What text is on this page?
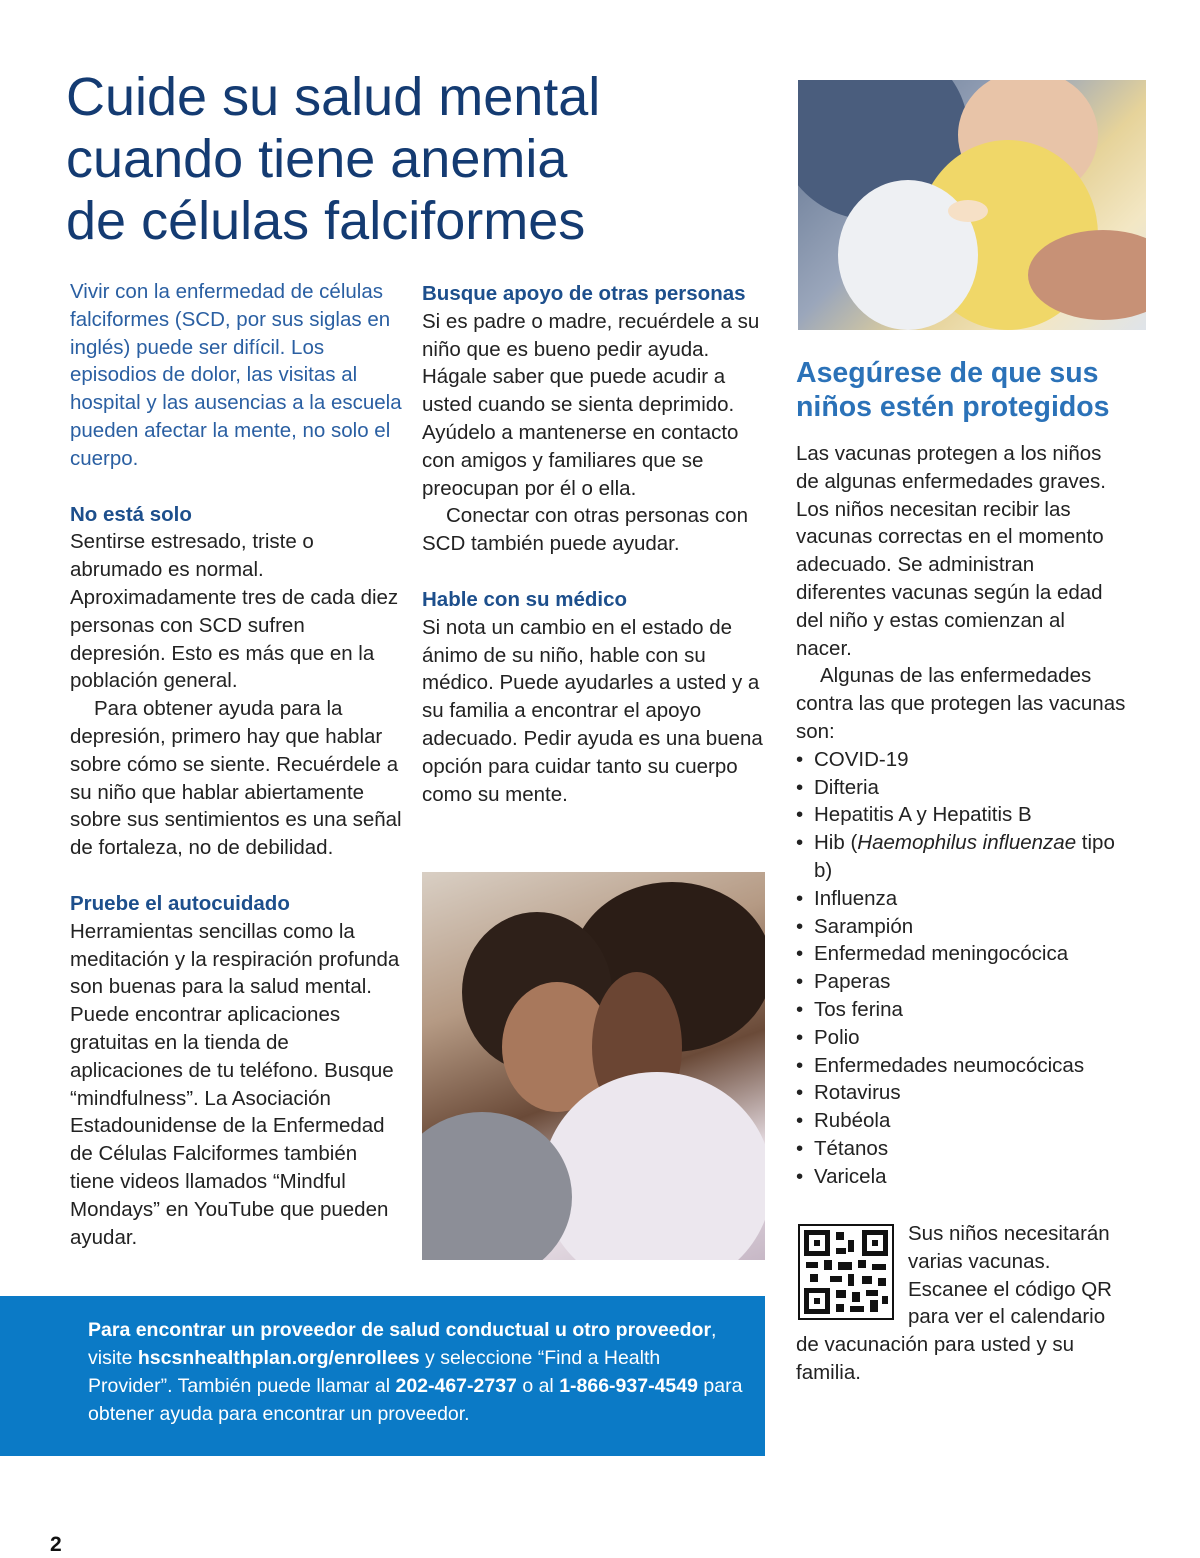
Cuide su salud mental
cuando tiene anemia
de células falciformes

Vivir con la enfermedad de células falciformes (SCD, por sus siglas en inglés) puede ser difícil. Los episodios de dolor, las visitas al hospital y las ausencias a la escuela pueden afectar la mente, no solo el cuerpo.

No está solo

Sentirse estresado, triste o abrumado es normal. Aproximadamente tres de cada diez personas con SCD sufren depresión. Esto es más que en la población general.

Para obtener ayuda para la depresión, primero hay que hablar sobre cómo se siente. Recuérdele a su niño que hablar abiertamente sobre sus sentimientos es una señal de fortaleza, no de debilidad.

Pruebe el autocuidado

Herramientas sencillas como la meditación y la respiración profunda son buenas para la salud mental. Puede encontrar aplicaciones gratuitas en la tienda de aplicaciones de tu teléfono. Busque “mindfulness”. La Asociación Estadounidense de la Enfermedad de Células Falciformes también tiene videos llamados “Mindful Mondays” en YouTube que pueden ayudar.

Busque apoyo de otras personas

Si es padre o madre, recuérdele a su niño que es bueno pedir ayuda. Hágale saber que puede acudir a usted cuando se sienta deprimido. Ayúdelo a mantenerse en contacto con amigos y familiares que se preocupan por él o ella.

Conectar con otras personas con SCD también puede ayudar.

Hable con su médico

Si nota un cambio en el estado de ánimo de su niño, hable con su médico. Puede ayudarles a usted y a su familia a encontrar el apoyo adecuado. Pedir ayuda es una buena opción para cuidar tanto su cuerpo como su mente.

Asegúrese de que sus
niños estén protegidos

Las vacunas protegen a los niños de algunas enfermedades graves. Los niños necesitan recibir las vacunas correctas en el momento adecuado. Se administran diferentes vacunas según la edad del niño y estas comienzan al nacer.

Algunas de las enfermedades contra las que protegen las vacunas son:

• COVID-19
• Difteria
• Hepatitis A y Hepatitis B
• Hib (Haemophilus influenzae tipo b)
• Influenza
• Sarampión
• Enfermedad meningocócica
• Paperas
• Tos ferina
• Polio
• Enfermedades neumocócicas
• Rotavirus
• Rubéola
• Tétanos
• Varicela
Sus niños necesitarán
varias vacunas.
Escanee el código QR
para ver el calendario
de vacunación para usted y su familia.

Para encontrar un proveedor de salud conductual u otro proveedor, visite hscsnhealthplan.org/enrollees y seleccione “Find a Health Provider”. También puede llamar al 202-467-2737 o al 1-866-937-4549 para obtener ayuda para encontrar un proveedor.

2
